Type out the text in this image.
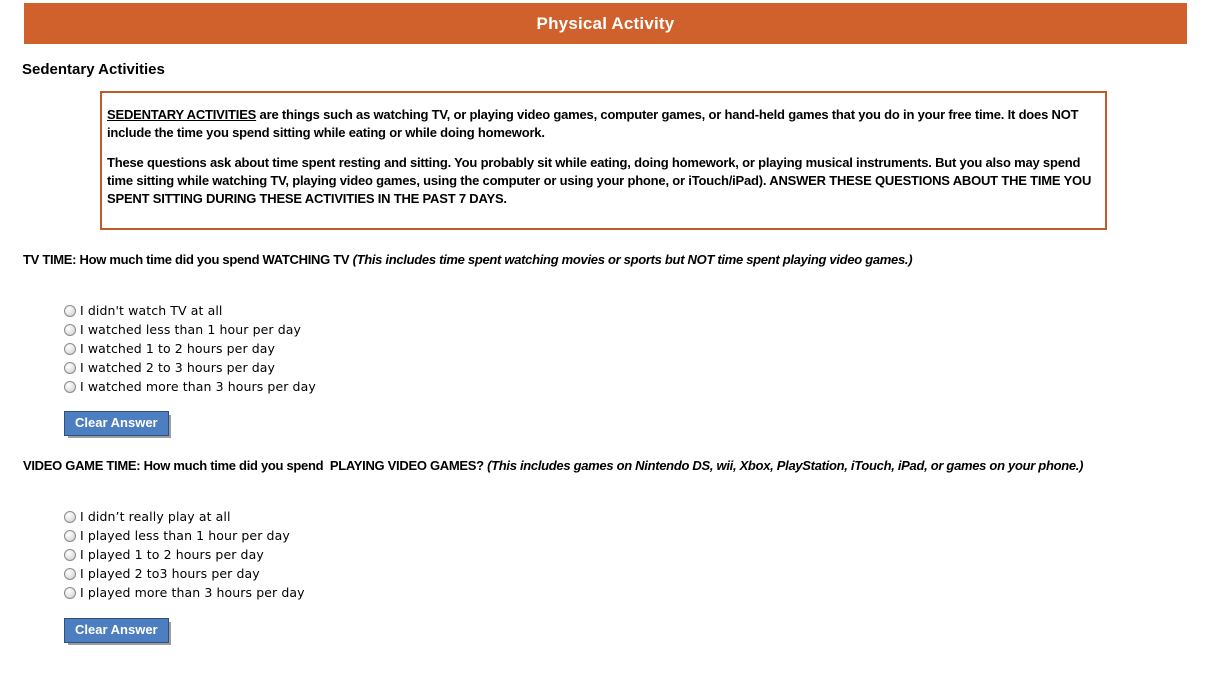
Physical Activity
Sedentary Activities

SEDENTARY ACTIVITIES are things such as watching TV, or playing video games, computer games, or hand-held games that you do in your free time. It does NOT include the time you spend sitting while eating or while doing homework.

These questions ask about time spent resting and sitting. You probably sit while eating, doing homework, or playing musical instruments. But you also may spend time sitting while watching TV, playing video games, using the computer or using your phone, or iTouch/iPad). ANSWER THESE QUESTIONS ABOUT THE TIME YOU SPENT SITTING DURING THESE ACTIVITIES IN THE PAST 7 DAYS.

TV TIME: How much time did you spend WATCHING TV (This includes time spent watching movies or sports but NOT time spent playing video games.)
I didn't watch TV at all
I watched less than 1 hour per day
I watched 1 to 2 hours per day
I watched 2 to 3 hours per day
I watched more than 3 hours per day
Clear Answer
VIDEO GAME TIME: How much time did you spend  PLAYING VIDEO GAMES? (This includes games on Nintendo DS, wii, Xbox, PlayStation, iTouch, iPad, or games on your phone.)
I didn’t really play at all
I played less than 1 hour per day
I played 1 to 2 hours per day
I played 2 to3 hours per day
I played more than 3 hours per day
Clear Answer
